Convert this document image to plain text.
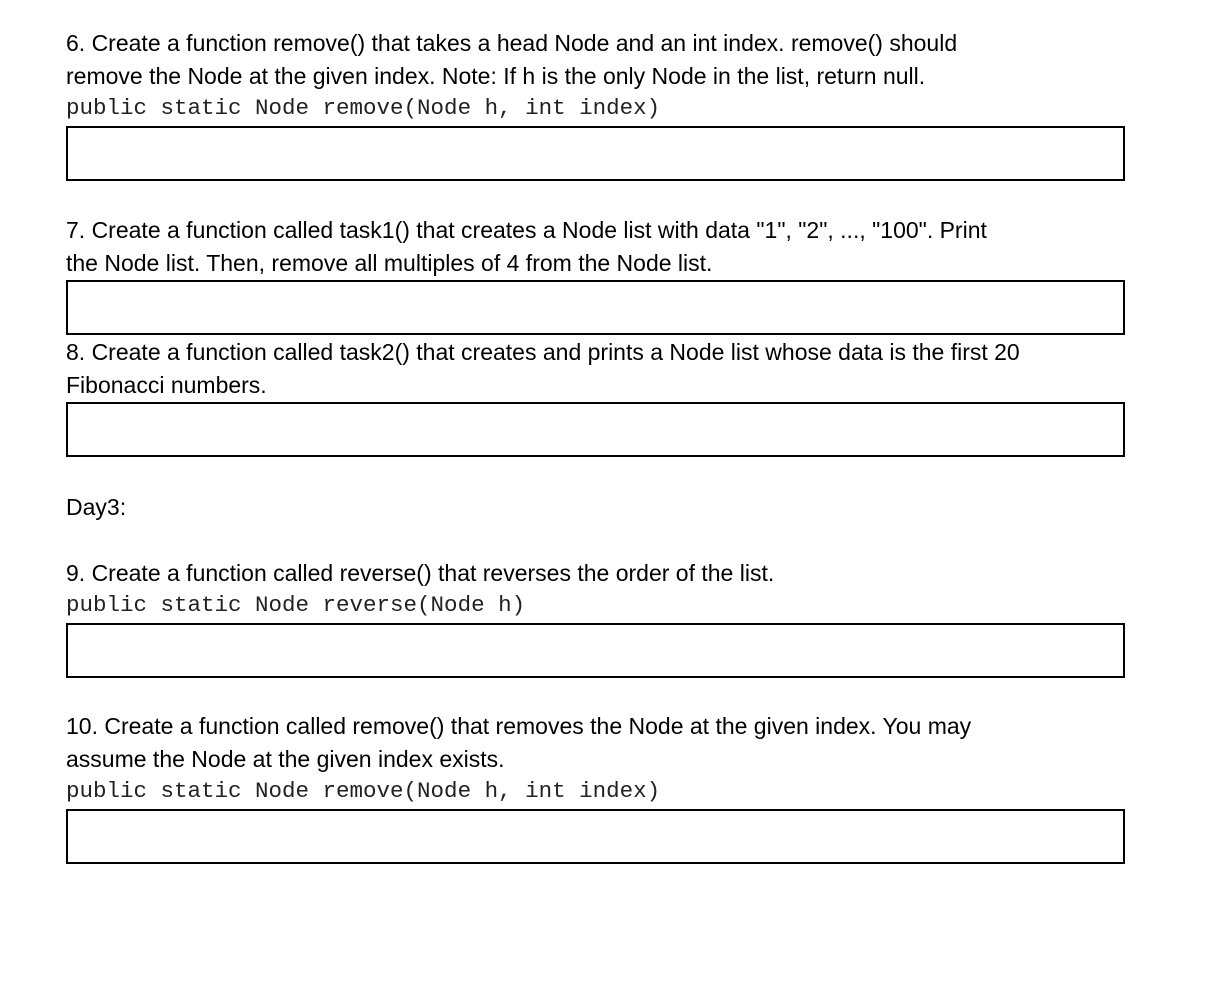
6. Create a function remove() that takes a head Node and an int index. remove() should

remove the Node at the given index. Note: If h is the only Node in the list, return null.

public static Node remove(Node h, int index)

7. Create a function called task1() that creates a Node list with data "1", "2", ..., "100". Print

the Node list. Then, remove all multiples of 4 from the Node list.

8. Create a function called task2() that creates and prints a Node list whose data is the first 20

Fibonacci numbers.

Day3:

9. Create a function called reverse() that reverses the order of the list.

public static Node reverse(Node h)

10. Create a function called remove() that removes the Node at the given index. You may

assume the Node at the given index exists.

public static Node remove(Node h, int index)
